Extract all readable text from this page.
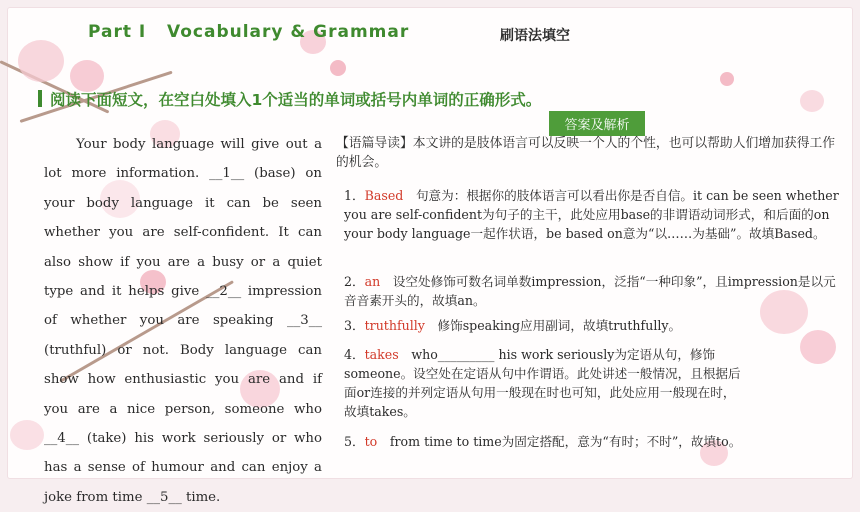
Part Ⅰ   Vocabulary & Grammar	刷语法填空
阅读下面短文，在空白处填入1个适当的单词或括号内单词的正确形式。
答案及解析

Your body language will give out a lot more information. __1__ (base) on your body language it can be seen whether you are self-confident. It can also show if you are a busy or a quiet type and it helps give __2__ impression of whether you are speaking __3__ (truthful) or not. Body language can show how enthusiastic you are and if you are a nice person, someone who __4__ (take) his work seriously or who has a sense of humour and can enjoy a joke from time __5__ time.

【语篇导读】本文讲的是肢体语言可以反映一个人的个性，也可以帮助人们增加获得工作的机会。
1．Based　句意为：根据你的肢体语言可以看出你是否自信。it can be seen whether you are self-confident为句子的主干，此处应用base的非谓语动词形式，和后面的on your body language一起作状语，be based on意为“以……为基础”。故填Based。
2．an　设空处修饰可数名词单数impression，泛指“一种印象”，且impression是以元音音素开头的，故填an。
3．truthfully　修饰speaking应用副词，故填truthfully。
4．takes　who_________ his work seriously为定语从句，修饰someone。设空处在定语从句中作谓语。此处讲述一般情况，且根据后面or连接的并列定语从句用一般现在时也可知，此处应用一般现在时，故填takes。
5．to　from time to time为固定搭配，意为“有时；不时”，故填to。
